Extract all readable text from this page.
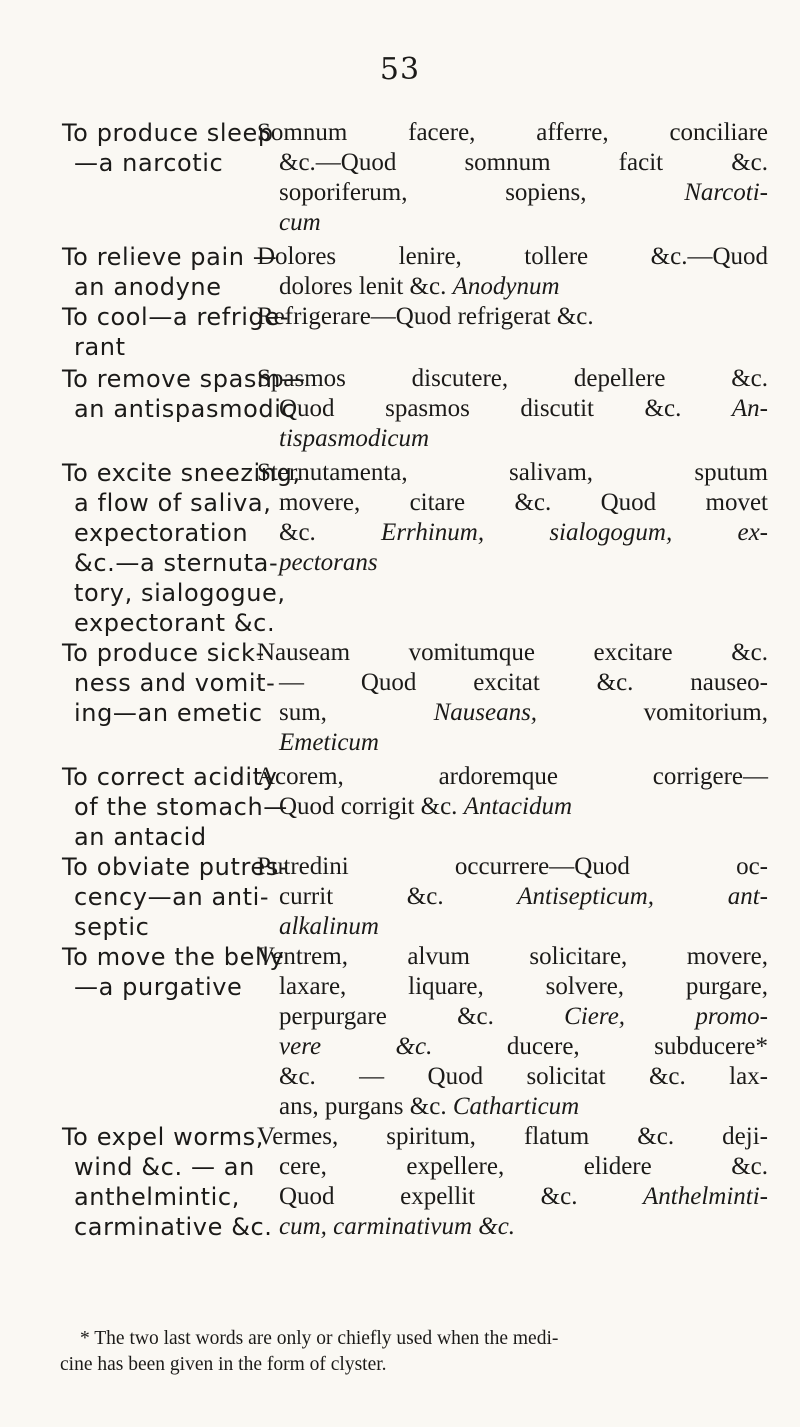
53
To produce sleep
—a narcotic
Somnum facere, afferre, conciliare
&c.—Quod somnum facit &c.
soporiferum, sopiens, Narcoti-
cum
To relieve pain —
an anodyne
Dolores lenire, tollere &c.—Quod
dolores lenit &c. Anodynum
To cool—a refrige-
rant
Refrigerare—Quod refrigerat &c.
To remove spasm—
an antispasmodic
Spasmos discutere, depellere &c.
Quod spasmos discutit &c. An-
tispasmodicum
To excite sneezing,
a flow of saliva,
expectoration
&c.—a sternuta-
tory, sialogogue,
expectorant &c.
Sternutamenta, salivam, sputum
movere, citare &c. Quod movet
&c. Errhinum, sialogogum, ex-
pectorans
To produce sick-
ness and vomit-
ing—an emetic
Nauseam vomitumque excitare &c.
— Quod excitat &c. nauseo-
sum, Nauseans, vomitorium,
Emeticum
To correct acidity
of the stomach—
an antacid
Acorem, ardoremque corrigere—
Quod corrigit &c. Antacidum
To obviate putres-
cency—an anti-
septic
Putredini occurrere—Quod oc-
currit &c. Antisepticum, ant-
alkalinum
To move the belly
—a purgative
Ventrem, alvum solicitare, movere,
laxare, liquare, solvere, purgare,
perpurgare &c. Ciere, promo-
vere &c. ducere, subducere*
&c. — Quod solicitat &c. lax-
ans, purgans &c. Catharticum
To expel worms,
wind &c. — an
anthelmintic,
carminative &c.
Vermes, spiritum, flatum &c. deji-
cere, expellere, elidere &c.
Quod expellit &c. Anthelminti-
cum, carminativum &c.
* The two last words are only or chiefly used when the medi-
cine has been given in the form of clyster.
